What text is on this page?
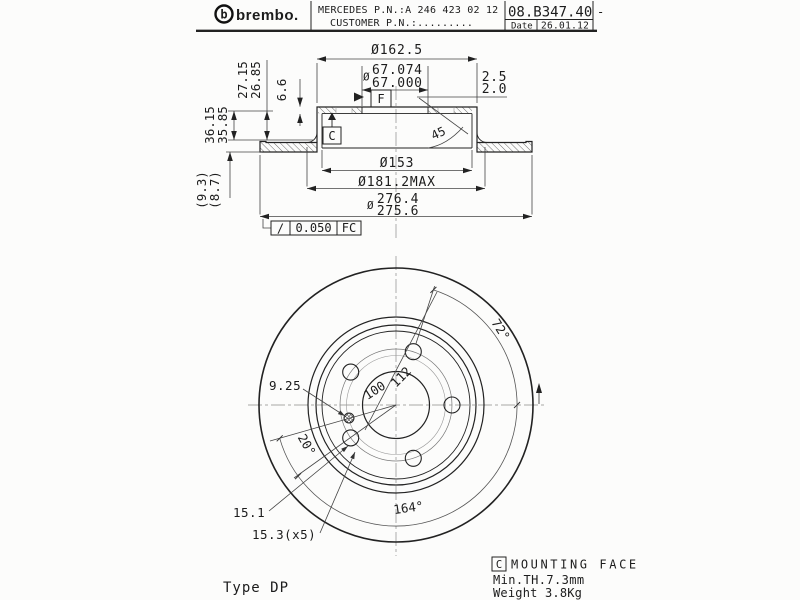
b brembo. MERCEDES P.N.:A 246 423 02 12
CUSTOMER P.N.:.........
08.B347.40 -
Date 26.01.12
Ø162.5
Ø 67.074
67.000
F
C
2.5
2.0
45
36.15
35.85
27.15
26.85 6.6
(9.3)
(8.7)
Ø153
Ø181.2MAX
Ø 276.4
275.6
/ 0.050 FC
112
100
72°
20°
164°
9.25
15.1
15.3(x5)
C MOUNTING FACE
Min.TH.7.3mm
Weight 3.8Kg
Type DP
